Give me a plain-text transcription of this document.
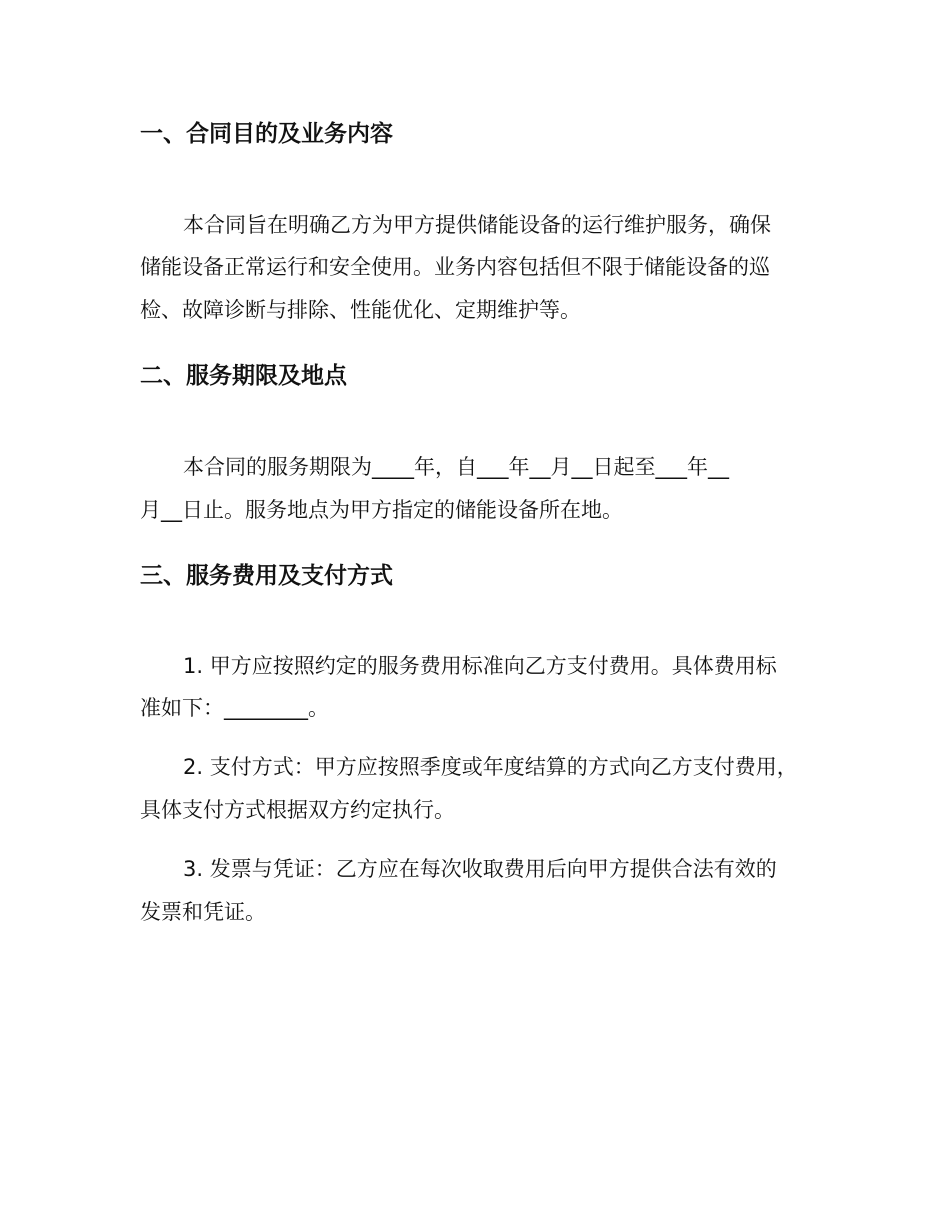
一、合同目的及业务内容

本合同旨在明确乙方为甲方提供储能设备的运行维护服务，确保

储能设备正常运行和安全使用。业务内容包括但不限于储能设备的巡

检、故障诊断与排除、性能优化、定期维护等。

二、服务期限及地点

本合同的服务期限为____年，自___年__月__日起至___年__

月__日止。服务地点为甲方指定的储能设备所在地。

三、服务费用及支付方式

1. 甲方应按照约定的服务费用标准向乙方支付费用。具体费用标

准如下：________。

2. 支付方式：甲方应按照季度或年度结算的方式向乙方支付费用，

具体支付方式根据双方约定执行。

3. 发票与凭证：乙方应在每次收取费用后向甲方提供合法有效的

发票和凭证。
